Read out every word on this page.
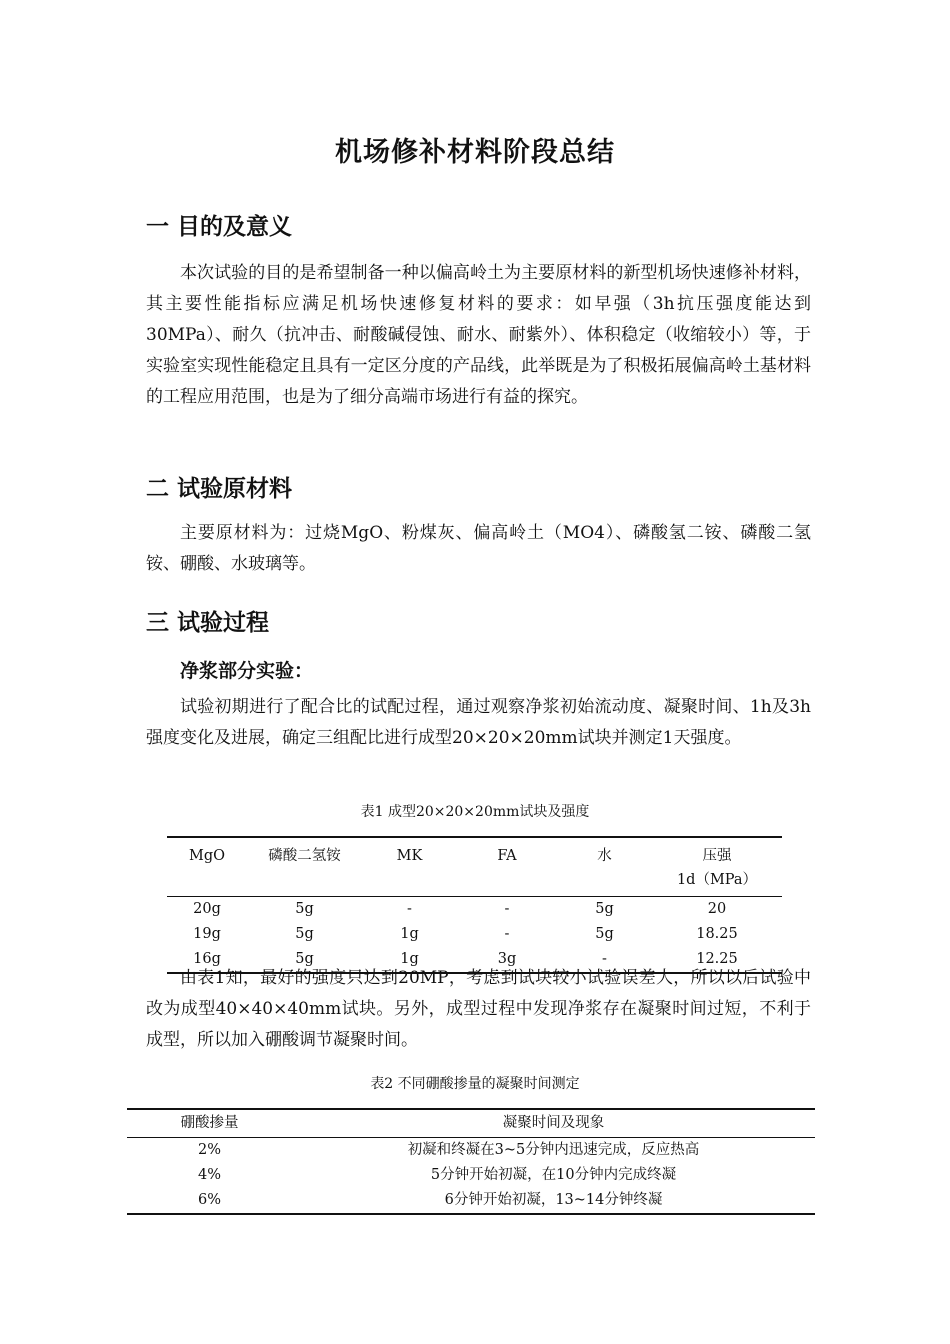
机场修补材料阶段总结
一 目的及意义

本次试验的目的是希望制备一种以偏高岭土为主要原材料的新型机场快速修补材料，其主要性能指标应满足机场快速修复材料的要求：如早强（3h抗压强度能达到30MPa）、耐久（抗冲击、耐酸碱侵蚀、耐水、耐紫外）、体积稳定（收缩较小）等，于实验室实现性能稳定且具有一定区分度的产品线，此举既是为了积极拓展偏高岭土基材料的工程应用范围，也是为了细分高端市场进行有益的探究。

二 试验原材料

主要原材料为：过烧MgO、粉煤灰、偏高岭土（MO4）、磷酸氢二铵、磷酸二氢铵、硼酸、水玻璃等。

三 试验过程
净浆部分实验：

试验初期进行了配合比的试配过程，通过观察净浆初始流动度、凝聚时间、1h及3h强度变化及进展，确定三组配比进行成型20×20×20mm试块并测定1天强度。

表1 成型20×20×20mm试块及强度
MgO	磷酸二氢铵	MK	FA	水	压强
1d（MPa）

20g	5g	-	-	5g	20
19g	5g	1g	-	5g	18.25
16g	5g	1g	3g	-	12.25

由表1知，最好的强度只达到20MP，考虑到试块较小试验误差大，所以以后试验中改为成型40×40×40mm试块。另外，成型过程中发现净浆存在凝聚时间过短，不利于成型，所以加入硼酸调节凝聚时间。

表2 不同硼酸掺量的凝聚时间测定
硼酸掺量	凝聚时间及现象
2%	初凝和终凝在3~5分钟内迅速完成，反应热高
4%	5分钟开始初凝，在10分钟内完成终凝
6%	6分钟开始初凝，13~14分钟终凝
